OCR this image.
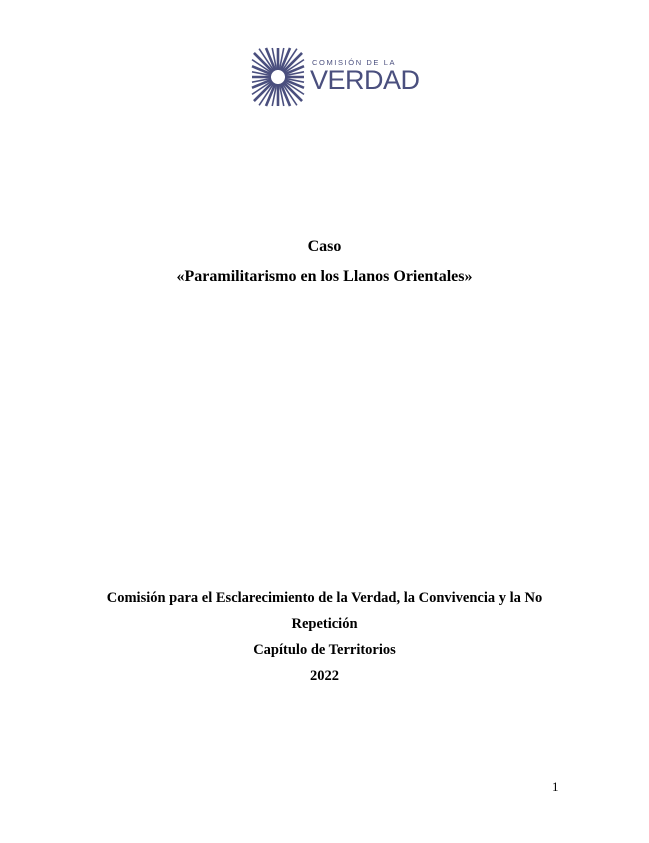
COMISIÓN DE LA
VERDAD
Caso
«Paramilitarismo en los Llanos Orientales»
Comisión para el Esclarecimiento de la Verdad, la Convivencia y la No Repetición
Capítulo de Territorios
2022
1
